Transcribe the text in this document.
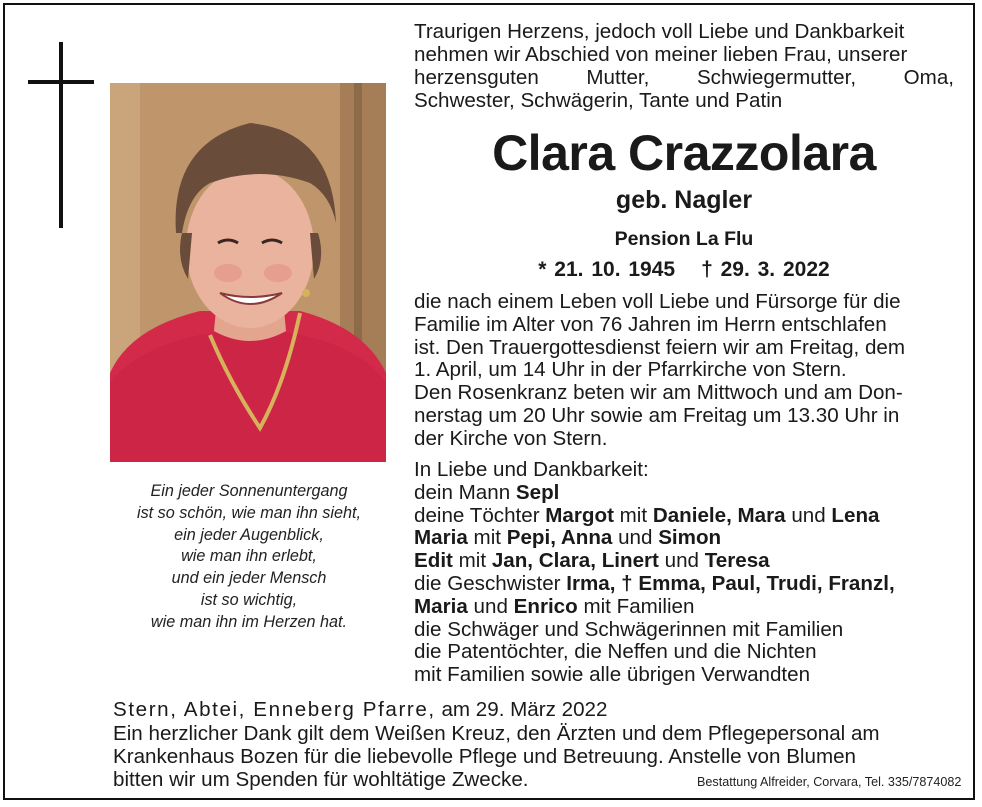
Ein jeder Sonnenuntergang
ist so schön, wie man ihn sieht,
ein jeder Augenblick,
wie man ihn erlebt,
und ein jeder Mensch
ist so wichtig,
wie man ihn im Herzen hat.
Traurigen Herzens, jedoch voll Liebe und Dankbarkeit
nehmen wir Abschied von meiner lieben Frau, unserer
herzensguten Mutter, Schwiegermutter, Oma,
Schwester, Schwägerin, Tante und Patin
Clara Crazzolara
geb. Nagler
Pension La Flu
* 21. 10. 1945 † 29. 3. 2022
die nach einem Leben voll Liebe und Fürsorge für die
Familie im Alter von 76 Jahren im Herrn entschlafen
ist. Den Trauergottesdienst feiern wir am Freitag, dem
1. April, um 14 Uhr in der Pfarrkirche von Stern.
Den Rosenkranz beten wir am Mittwoch und am Don-
nerstag um 20 Uhr sowie am Freitag um 13.30 Uhr in
der Kirche von Stern.
In Liebe und Dankbarkeit:
dein Mann Sepl
deine Töchter Margot mit Daniele, Mara und Lena
Maria mit Pepi, Anna und Simon
Edit mit Jan, Clara, Linert und Teresa
die Geschwister Irma, † Emma, Paul, Trudi, Franzl,
Maria und Enrico mit Familien
die Schwäger und Schwägerinnen mit Familien
die Patentöchter, die Neffen und die Nichten
mit Familien sowie alle übrigen Verwandten
Stern, Abtei, Enneberg Pfarre, am 29. März 2022
Ein herzlicher Dank gilt dem Weißen Kreuz, den Ärzten und dem Pflegepersonal am
Krankenhaus Bozen für die liebevolle Pflege und Betreuung. Anstelle von Blumen
bitten wir um Spenden für wohltätige Zwecke.	Bestattung Alfreider, Corvara, Tel. 335/7874082
